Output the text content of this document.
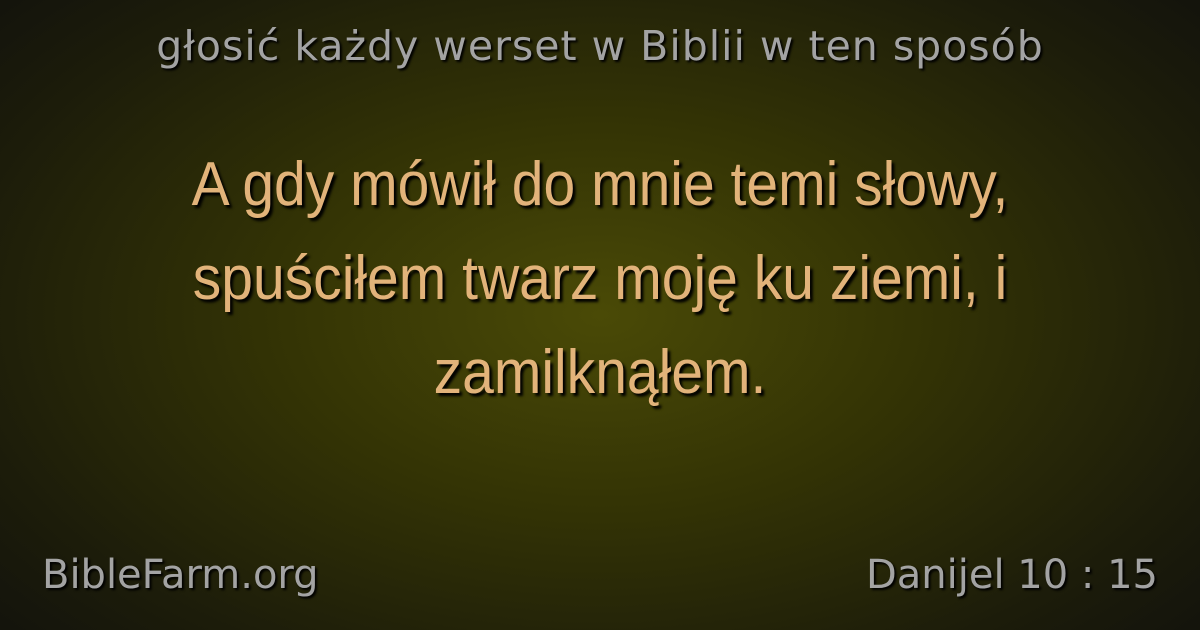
głosić każdy werset w Biblii w ten sposób
A gdy mówił do mnie temi słowy, spuściłem twarz moję ku ziemi, i zamilknąłem.
BibleFarm.org	Danijel 10 : 15
